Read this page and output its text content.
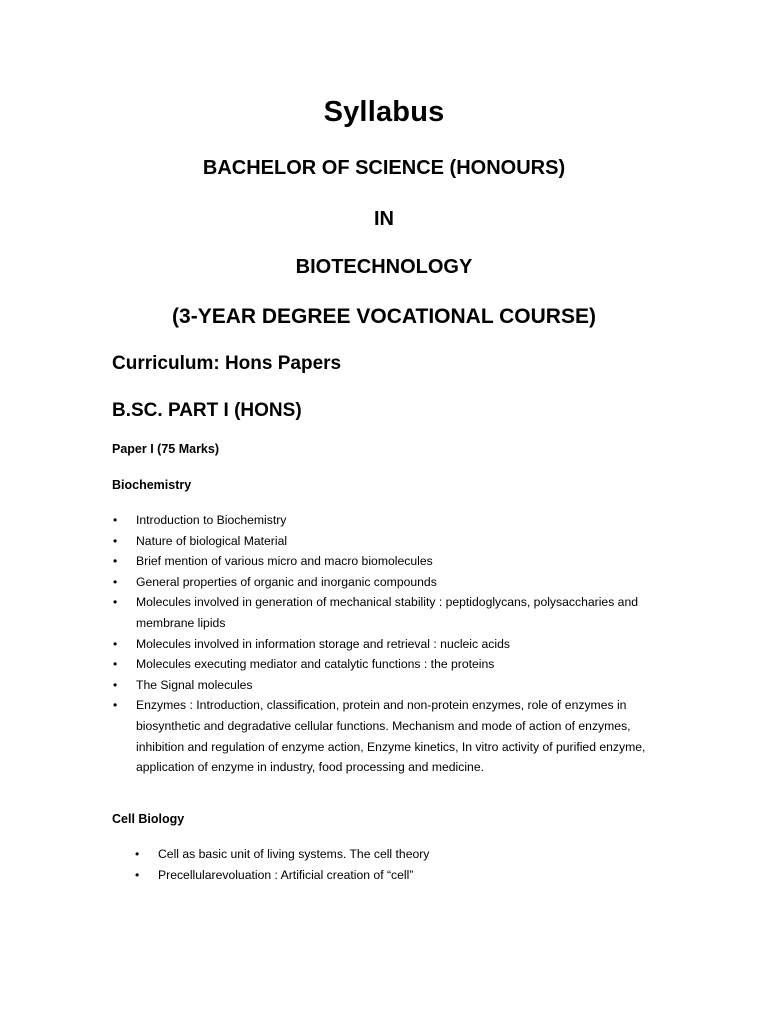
Syllabus
BACHELOR OF SCIENCE (HONOURS)
IN
BIOTECHNOLOGY
(3-YEAR DEGREE VOCATIONAL COURSE)
Curriculum: Hons Papers
B.SC. PART I (HONS)
Paper I (75 Marks)
Biochemistry
• Introduction to Biochemistry
• Nature of biological Material
• Brief mention of various micro and macro biomolecules
• General properties of organic and inorganic compounds
• Molecules involved in generation of mechanical stability : peptidoglycans, polysaccharies and membrane lipids
• Molecules involved in information storage and retrieval : nucleic acids
• Molecules executing mediator and catalytic functions : the proteins
• The Signal molecules
• Enzymes : Introduction, classification, protein and non-protein enzymes, role of enzymes in biosynthetic and degradative cellular functions. Mechanism and mode of action of enzymes, inhibition and regulation of enzyme action, Enzyme kinetics, In vitro activity of purified enzyme, application of enzyme in industry, food processing and medicine.
Cell Biology
• Cell as basic unit of living systems. The cell theory
• Precellularevoluation : Artificial creation of “cell”
